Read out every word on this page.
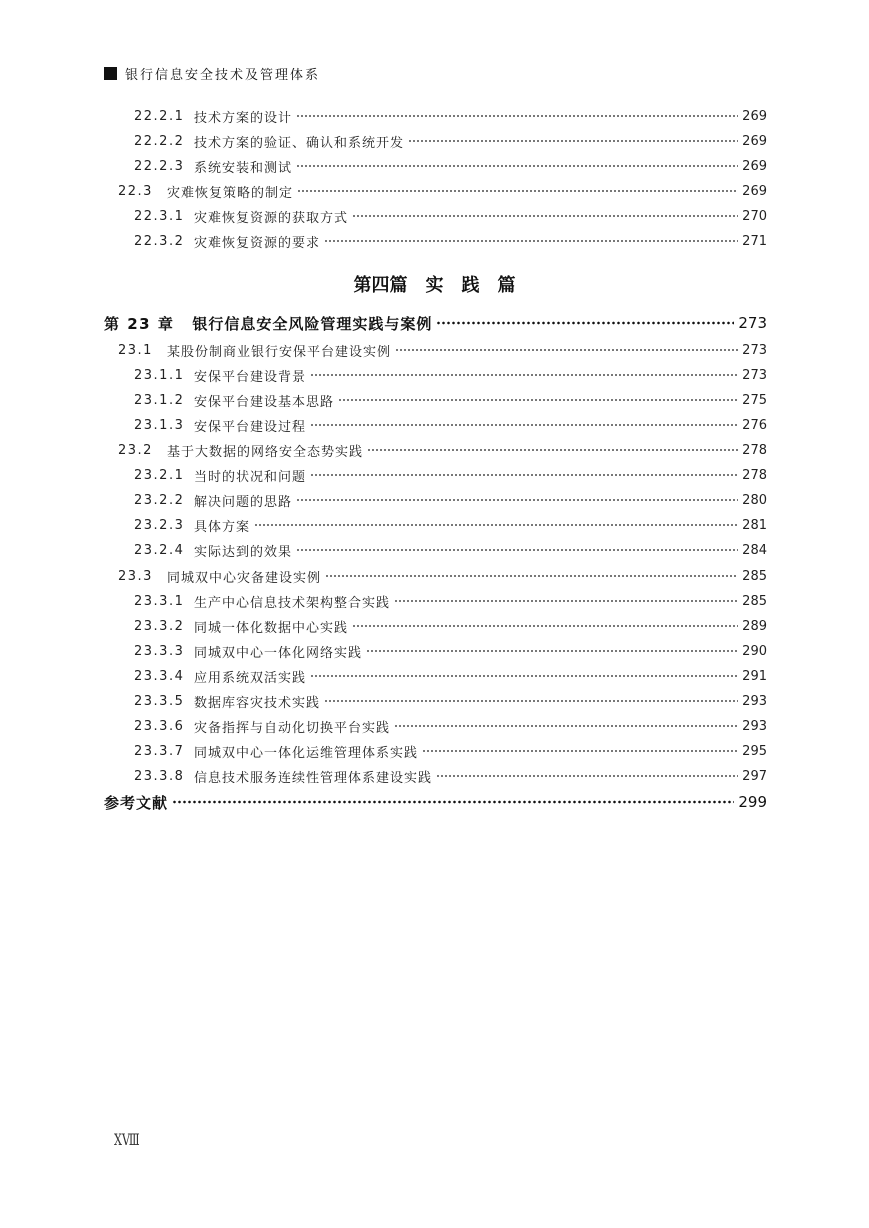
银行信息安全技术及管理体系
22.2.1 技术方案的设计	269
22.2.2 技术方案的验证、确认和系统开发	269
22.2.3 系统安装和测试	269
22.3 灾难恢复策略的制定	269
22.3.1 灾难恢复资源的获取方式	270
22.3.2 灾难恢复资源的要求	271
第四篇　实　践　篇
第 23 章 银行信息安全风险管理实践与案例	273
23.1 某股份制商业银行安保平台建设实例	273
23.1.1 安保平台建设背景	273
23.1.2 安保平台建设基本思路	275
23.1.3 安保平台建设过程	276
23.2 基于大数据的网络安全态势实践	278
23.2.1 当时的状况和问题	278
23.2.2 解决问题的思路	280
23.2.3 具体方案	281
23.2.4 实际达到的效果	284
23.3 同城双中心灾备建设实例	285
23.3.1 生产中心信息技术架构整合实践	285
23.3.2 同城一体化数据中心实践	289
23.3.3 同城双中心一体化网络实践	290
23.3.4 应用系统双活实践	291
23.3.5 数据库容灾技术实践	293
23.3.6 灾备指挥与自动化切换平台实践	293
23.3.7 同城双中心一体化运维管理体系实践	295
23.3.8 信息技术服务连续性管理体系建设实践	297
参考文献	299
XⅧ
